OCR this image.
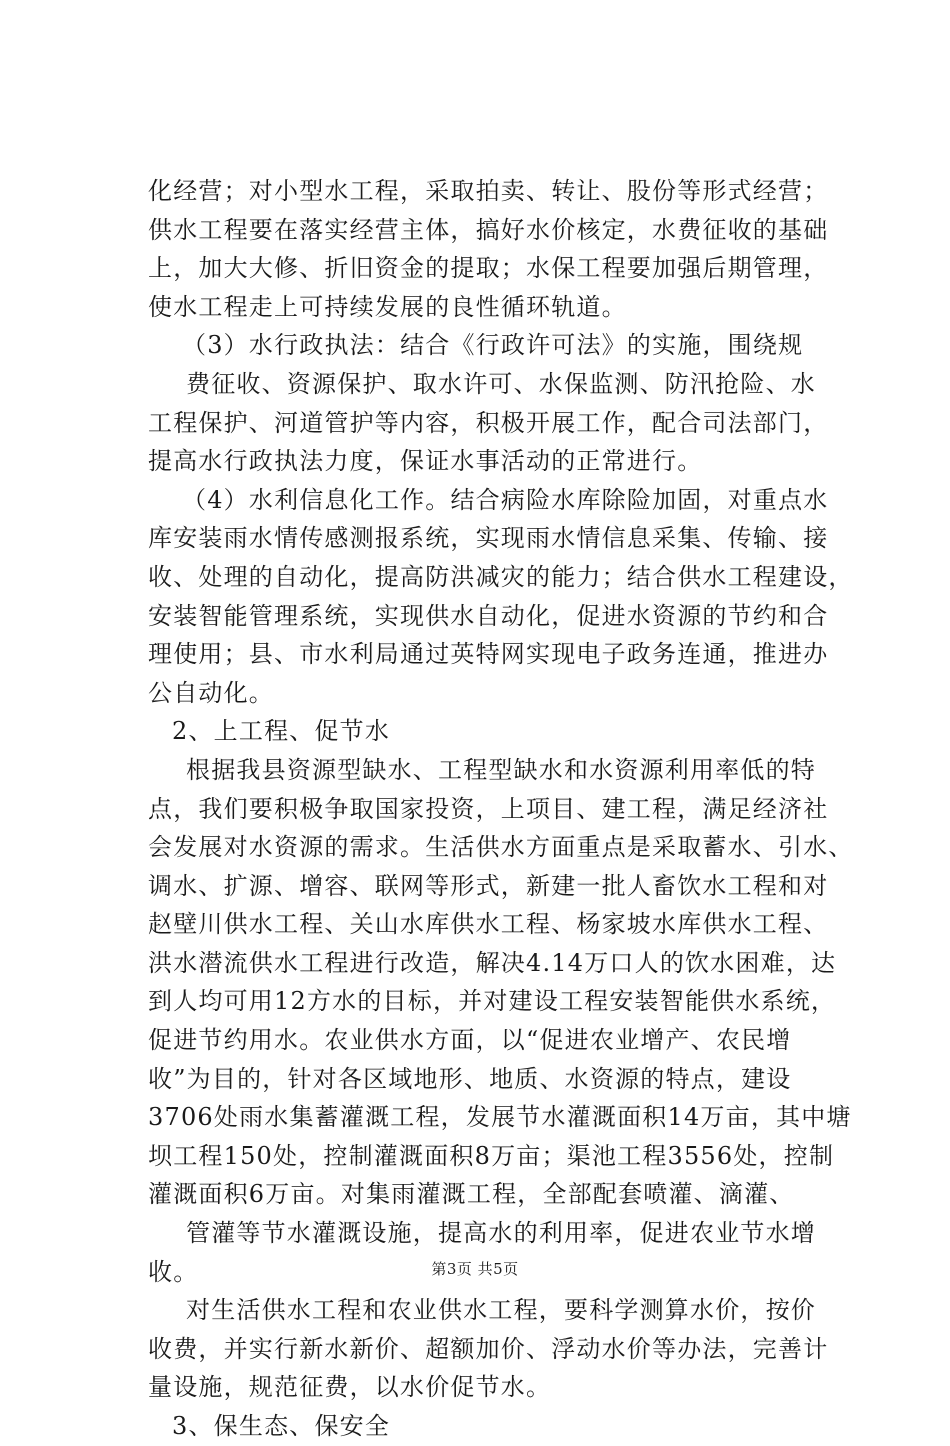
化经营；对小型水工程，采取拍卖、转让、股份等形式经营；
供水工程要在落实经营主体，搞好水价核定，水费征收的基础
上，加大大修、折旧资金的提取；水保工程要加强后期管理，
使水工程走上可持续发展的良性循环轨道。
（3）水行政执法：结合《行政许可法》的实施，围绕规
费征收、资源保护、取水许可、水保监测、防汛抢险、水
工程保护、河道管护等内容，积极开展工作，配合司法部门，
提高水行政执法力度，保证水事活动的正常进行。
（4）水利信息化工作。结合病险水库除险加固，对重点水
库安装雨水情传感测报系统，实现雨水情信息采集、传输、接
收、处理的自动化，提高防洪减灾的能力；结合供水工程建设，
安装智能管理系统，实现供水自动化，促进水资源的节约和合
理使用；县、市水利局通过英特网实现电子政务连通，推进办
公自动化。
2、上工程、促节水
根据我县资源型缺水、工程型缺水和水资源利用率低的特
点，我们要积极争取国家投资，上项目、建工程，满足经济社
会发展对水资源的需求。生活供水方面重点是采取蓄水、引水、
调水、扩源、增容、联网等形式，新建一批人畜饮水工程和对
赵壁川供水工程、关山水库供水工程、杨家坡水库供水工程、
洪水潜流供水工程进行改造，解决4.14万口人的饮水困难，达
到人均可用12方水的目标，并对建设工程安装智能供水系统，
促进节约用水。农业供水方面，以“促进农业增产、农民增
收”为目的，针对各区域地形、地质、水资源的特点，建设
3706处雨水集蓄灌溉工程，发展节水灌溉面积14万亩，其中塘
坝工程150处，控制灌溉面积8万亩；渠池工程3556处，控制
灌溉面积6万亩。对集雨灌溉工程，全部配套喷灌、滴灌、
管灌等节水灌溉设施，提高水的利用率，促进农业节水增
收。
对生活供水工程和农业供水工程，要科学测算水价，按价
收费，并实行新水新价、超额加价、浮动水价等办法，完善计
量设施，规范征费，以水价促节水。
3、保生态、保安全
第3页 共5页
